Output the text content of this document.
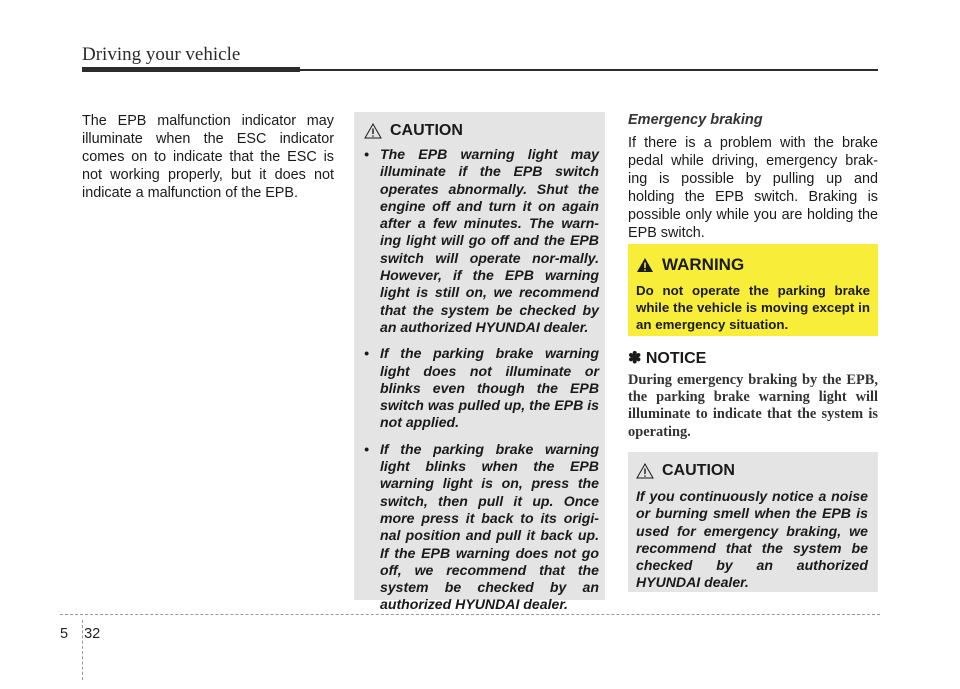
Driving your vehicle
The EPB malfunction indicator may illuminate when the ESC indicator comes on to indicate that the ESC is not working properly, but it does not indicate a malfunction of the EPB.
CAUTION
• The EPB warning light may illuminate if the EPB switch operates abnormally. Shut the engine off and turn it on again after a few minutes. The warn-ing light will go off and the EPB switch will operate nor-mally. However, if the EPB warning light is still on, we recommend that the system be checked by an authorized HYUNDAI dealer.
• If the parking brake warning light does not illuminate or blinks even though the EPB switch was pulled up, the EPB is not applied.
• If the parking brake warning light blinks when the EPB warning light is on, press the switch, then pull it up. Once more press it back to its origi-nal position and pull it back up. If the EPB warning does not go off, we recommend that the system be checked by an authorized HYUNDAI dealer.
Emergency braking
If there is a problem with the brake pedal while driving, emergency brak-ing is possible by pulling up and holding the EPB switch. Braking is possible only while you are holding the EPB switch.
WARNING
Do not operate the parking brake while the vehicle is moving except in an emergency situation.
✽ NOTICE
During emergency braking by the EPB, the parking brake warning light will illuminate to indicate that the system is operating.
CAUTION
If you continuously notice a noise or burning smell when the EPB is used for emergency braking, we recommend that the system be checked by an authorized HYUNDAI dealer.
5 32
